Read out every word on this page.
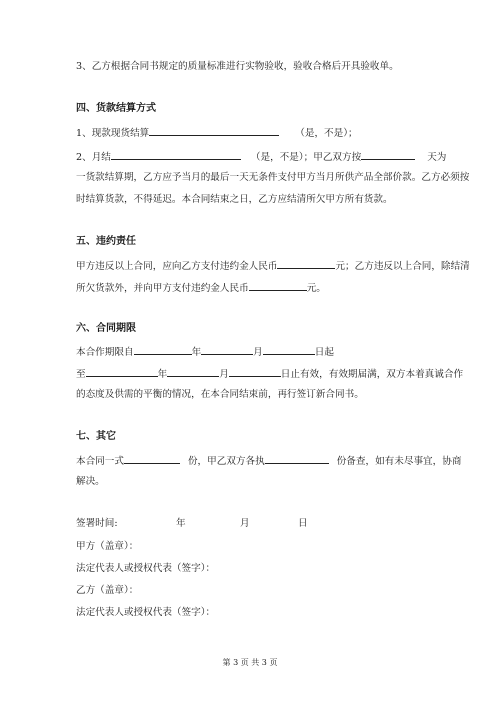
3、乙方根据合同书规定的质量标准进行实物验收，验收合格后开具验收单。
四、货款结算方式
1、现款现货结算	（是，不是）；
2、月结	（是，不是）；甲乙双方按	天为
一货款结算期，乙方应予当月的最后一天无条件支付甲方当月所供产品全部价款。乙方必须按
时结算货款，不得延迟。本合同结束之日，乙方应结清所欠甲方所有货款。
五、违约责任
甲方违反以上合同，应向乙方支付违约金人民币	元；乙方违反以上合同，除结清
所欠货款外，并向甲方支付违约金人民币	元。
六、合同期限
本合作期限自	年	月	日起
至	年	月	日止有效，有效期届满，双方本着真诚合作
的态度及供需的平衡的情况，在本合同结束前，再行签订新合同书。
七、其它
本合同一式	份，甲乙双方各执	份备查，如有未尽事宜，协商
解决。
签署时间:	年	月	日
甲方（盖章）：
法定代表人或授权代表（签字）：
乙方（盖章）：
法定代表人或授权代表（签字）：
第 3 页 共 3 页
